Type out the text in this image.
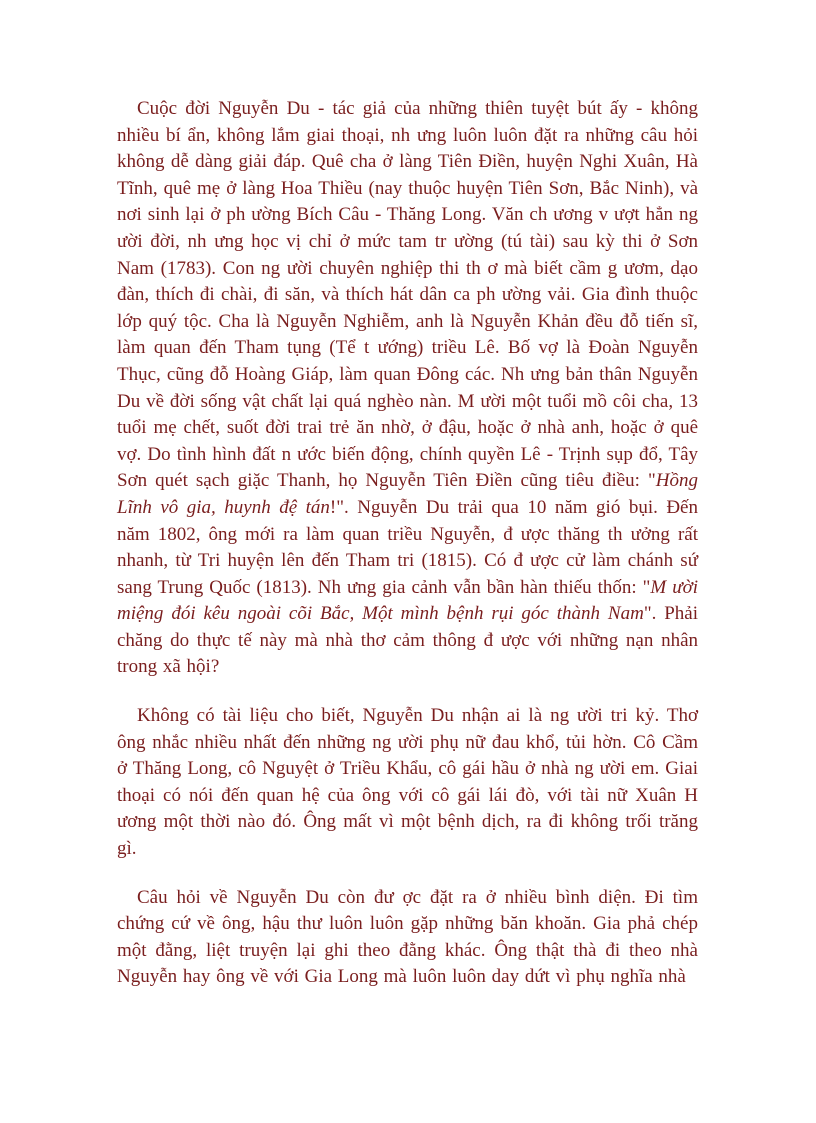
Cuộc đời Nguyễn Du - tác giả của những thiên tuyệt bút ấy - không nhiều bí ẩn, không lắm giai thoại, nh ưng luôn luôn đặt ra những câu hỏi không dễ dàng giải đáp. Quê cha ở làng Tiên Điền, huyện Nghi Xuân, Hà Tĩnh, quê mẹ ở làng Hoa Thiều (nay thuộc huyện Tiên Sơn, Bắc Ninh), và nơi sinh lại ở ph ường Bích Câu - Thăng Long. Văn ch ương v ượt hẳn ng ười đời, nh ưng học vị chỉ ở mức tam tr ường (tú tài) sau kỳ thi ở Sơn Nam (1783). Con ng ười chuyên nghiệp thi th ơ mà biết cầm g ươm, dạo đàn, thích đi chài, đi săn, và thích hát dân ca ph ường vải. Gia đình thuộc lớp quý tộc. Cha là Nguyễn Nghiễm, anh là Nguyễn Khản đều đỗ tiến sĩ, làm quan đến Tham tụng (Tể t ướng) triều Lê. Bố vợ là Đoàn Nguyễn Thục, cũng đỗ Hoàng Giáp, làm quan Đông các. Nh ưng bản thân Nguyễn Du về đời sống vật chất lại quá nghèo nàn. M ười một tuổi mồ côi cha, 13 tuổi mẹ chết, suốt đời trai trẻ ăn nhờ, ở đậu, hoặc ở nhà anh, hoặc ở quê vợ. Do tình hình đất n ước biến động, chính quyền Lê - Trịnh sụp đổ, Tây Sơn quét sạch giặc Thanh, họ Nguyễn Tiên Điền cũng tiêu điều: "Hồng Lĩnh vô gia, huynh đệ tán!". Nguyễn Du trải qua 10 năm gió bụi. Đến năm 1802, ông mới ra làm quan triều Nguyễn, đ ược thăng th ưởng rất nhanh, từ Tri huyện lên đến Tham tri (1815). Có đ ược cử làm chánh sứ sang Trung Quốc (1813). Nh ưng gia cảnh vẫn bần hàn thiếu thốn: "M ười miệng đói kêu ngoài cõi Bắc, Một mình bệnh rụi góc thành Nam". Phải chăng do thực tế này mà nhà thơ cảm thông đ ược với những nạn nhân trong xã hội?

Không có tài liệu cho biết, Nguyễn Du nhận ai là ng ười tri kỷ. Thơ ông nhắc nhiều nhất đến những ng ười phụ nữ đau khổ, tủi hờn. Cô Cầm ở Thăng Long, cô Nguyệt ở Triều Khẩu, cô gái hầu ở nhà ng ười em. Giai thoại có nói đến quan hệ của ông với cô gái lái đò, với tài nữ Xuân H ương một thời nào đó. Ông mất vì một bệnh dịch, ra đi không trối trăng gì.

Câu hỏi về Nguyễn Du còn đư ợc đặt ra ở nhiều bình diện. Đi tìm chứng cứ về ông, hậu thư luôn luôn gặp những băn khoăn. Gia phả chép một đằng, liệt truyện lại ghi theo đằng khác. Ông thật thà đi theo nhà Nguyễn hay ông về với Gia Long mà luôn luôn day dứt vì phụ nghĩa nhà
